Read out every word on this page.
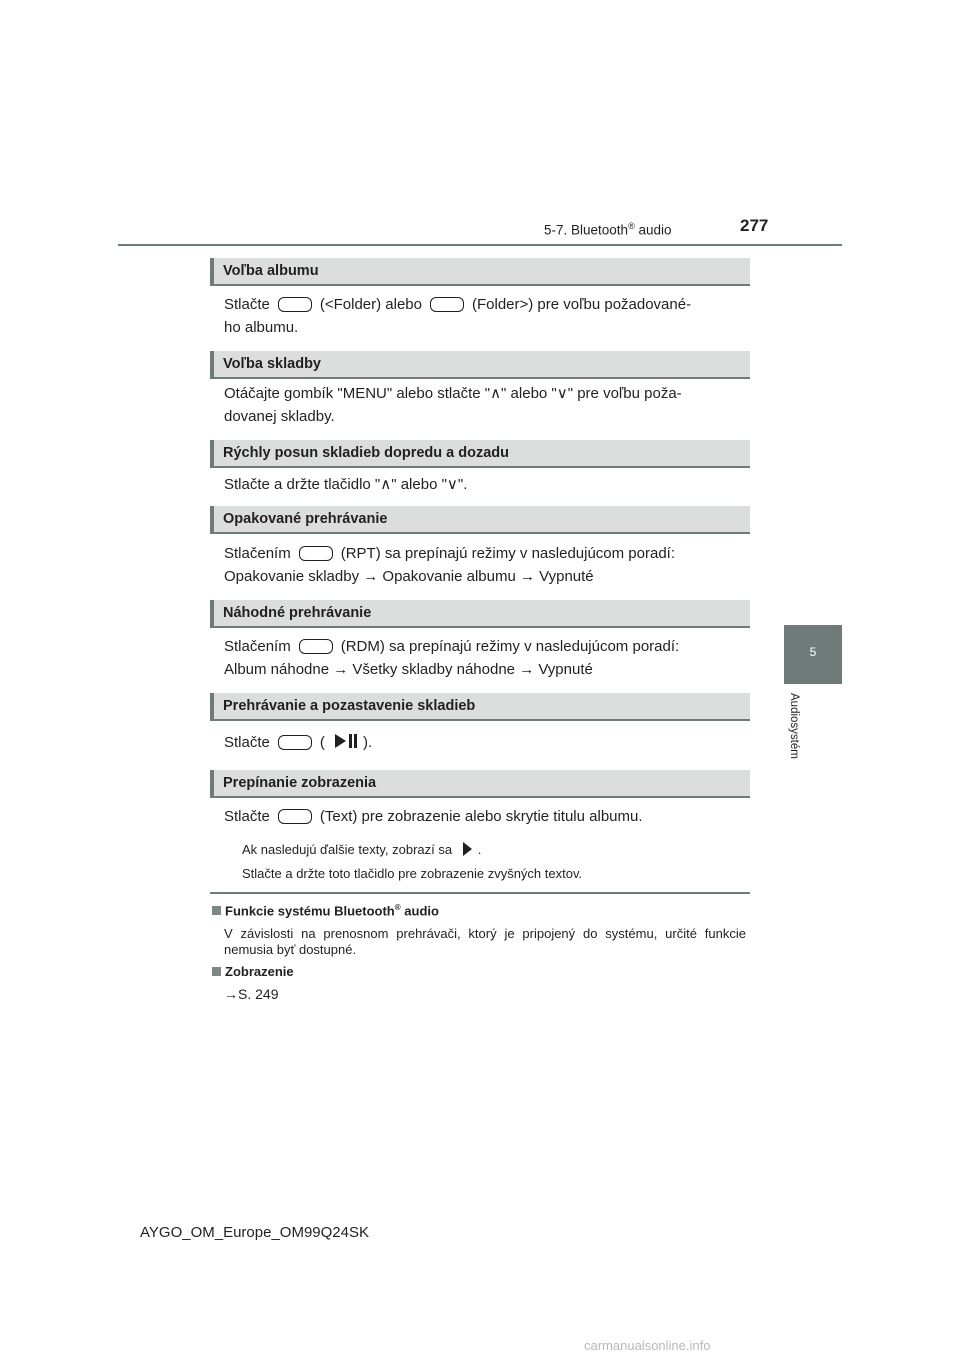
5-7. Bluetooth® audio	277
5
Audiosystém
Voľba albumu
Stlačte	(<Folder) alebo	(Folder>) pre voľbu požadované-
ho albumu.
Voľba skladby
Otáčajte gombík "MENU" alebo stlačte "∧" alebo "∨" pre voľbu poža-
dovanej skladby.
Rýchly posun skladieb dopredu a dozadu
Stlačte a držte tlačidlo "∧" alebo "∨".
Opakované prehrávanie
Stlačením	(RPT) sa prepínajú režimy v nasledujúcom poradí:
Opakovanie skladby → Opakovanie albumu → Vypnuté
Náhodné prehrávanie
Stlačením	(RDM) sa prepínajú režimy v nasledujúcom poradí:
Album náhodne → Všetky skladby náhodne → Vypnuté
Prehrávanie a pozastavenie skladieb
Stlačte	(	).
Prepínanie zobrazenia
Stlačte	(Text) pre zobrazenie alebo skrytie titulu albumu.
Ak nasledujú ďalšie texty, zobrazí sa .
Stlačte a držte toto tlačidlo pre zobrazenie zvyšných textov.
Funkcie systému Bluetooth® audio
V závislosti na prenosnom prehrávači, ktorý je pripojený do systému, určité funkcie nemusia byť dostupné.
Zobrazenie
→S. 249
AYGO_OM_Europe_OM99Q24SK
carmanualsonline.info
